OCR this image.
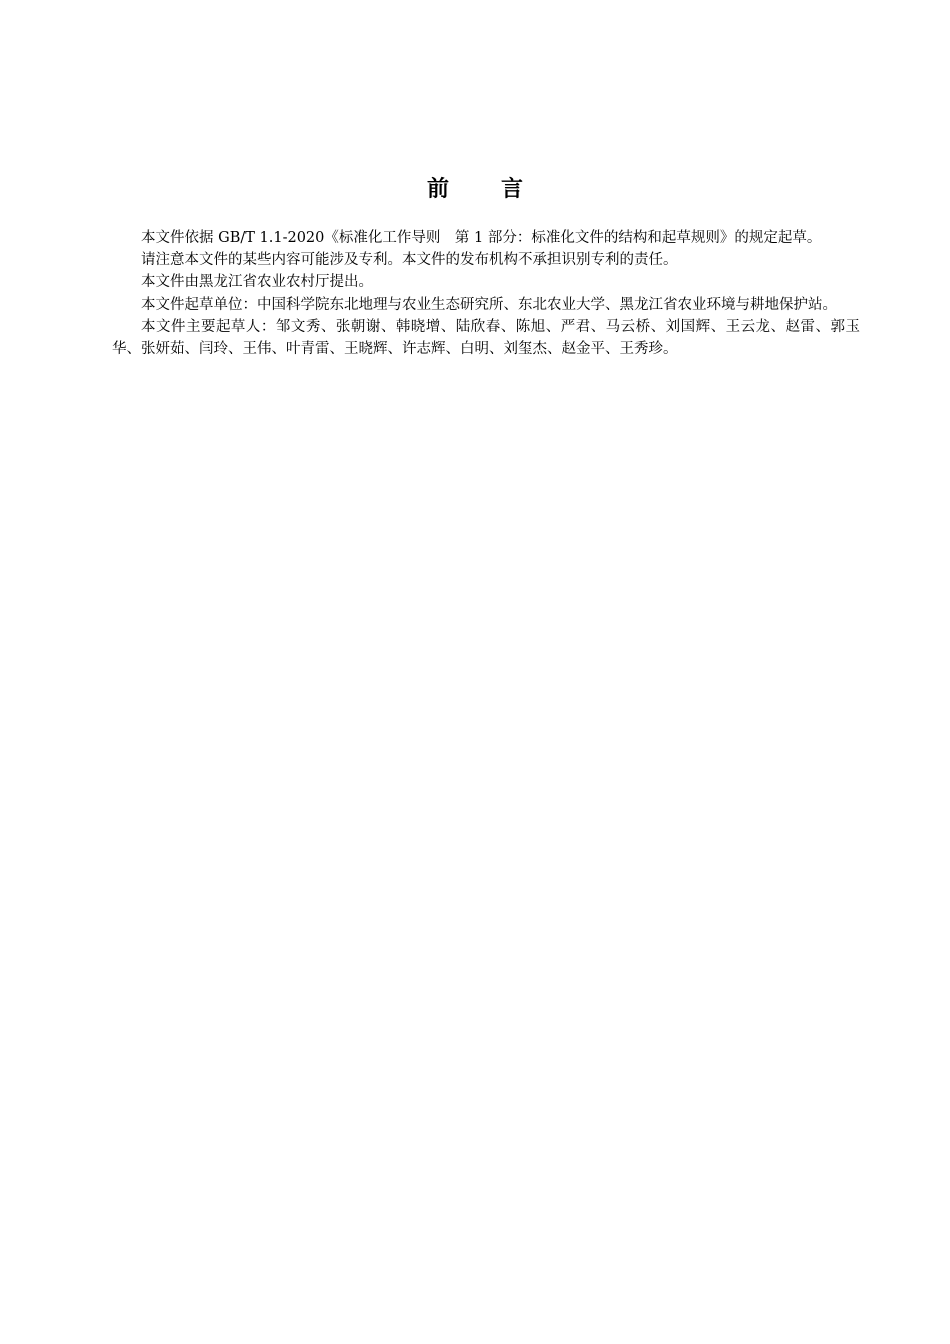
前 言

本文件依据 GB/T 1.1-2020《标准化工作导则　第 1 部分：标准化文件的结构和起草规则》的规定起草。

请注意本文件的某些内容可能涉及专利。本文件的发布机构不承担识别专利的责任。

本文件由黑龙江省农业农村厅提出。

本文件起草单位：中国科学院东北地理与农业生态研究所、东北农业大学、黑龙江省农业环境与耕地保护站。

本文件主要起草人：邹文秀、张朝谢、韩晓增、陆欣春、陈旭、严君、马云桥、刘国辉、王云龙、赵雷、郭玉华、张妍茹、闫玲、王伟、叶青雷、王晓辉、许志辉、白明、刘玺杰、赵金平、王秀珍。
